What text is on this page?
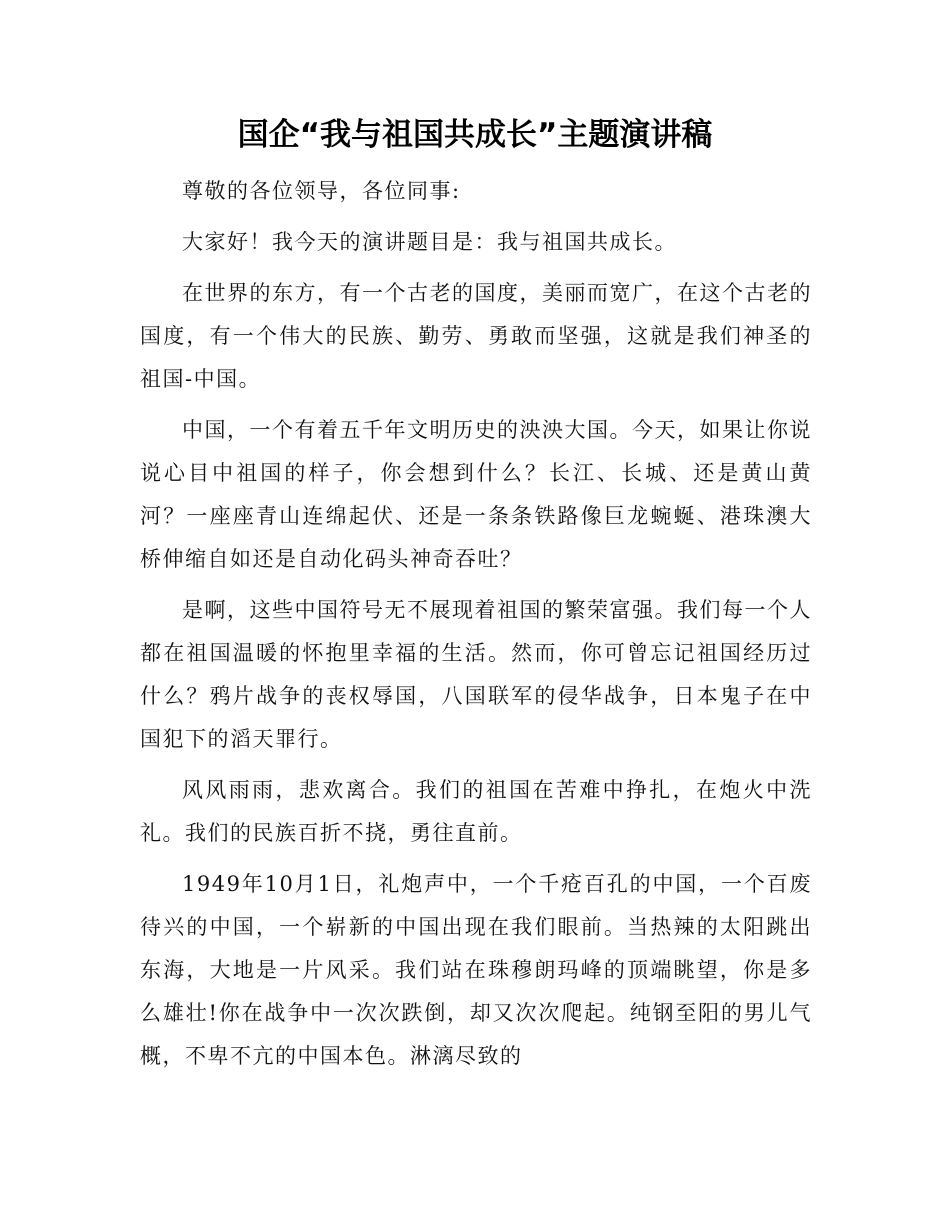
国企“我与祖国共成长”主题演讲稿

尊敬的各位领导，各位同事:

大家好！我今天的演讲题目是：我与祖国共成长。

在世界的东方，有一个古老的国度，美丽而宽广，在这个古老的国度，有一个伟大的民族、勤劳、勇敢而坚强，这就是我们神圣的祖国-中国。

中国，一个有着五千年文明历史的泱泱大国。今天，如果让你说说心目中祖国的样子，你会想到什么？长江、长城、还是黄山黄河？一座座青山连绵起伏、还是一条条铁路像巨龙蜿蜒、港珠澳大桥伸缩自如还是自动化码头神奇吞吐？

是啊，这些中国符号无不展现着祖国的繁荣富强。我们每一个人都在祖国温暖的怀抱里幸福的生活。然而，你可曾忘记祖国经历过什么？鸦片战争的丧权辱国，八国联军的侵华战争，日本鬼子在中国犯下的滔天罪行。

风风雨雨，悲欢离合。我们的祖国在苦难中挣扎，在炮火中洗礼。我们的民族百折不挠，勇往直前。

1949年10月1日，礼炮声中，一个千疮百孔的中国，一个百废待兴的中国，一个崭新的中国出现在我们眼前。当热辣的太阳跳出东海，大地是一片风采。我们站在珠穆朗玛峰的顶端眺望，你是多么雄壮!你在战争中一次次跌倒，却又次次爬起。纯钢至阳的男儿气概，不卑不亢的中国本色。淋漓尽致的
